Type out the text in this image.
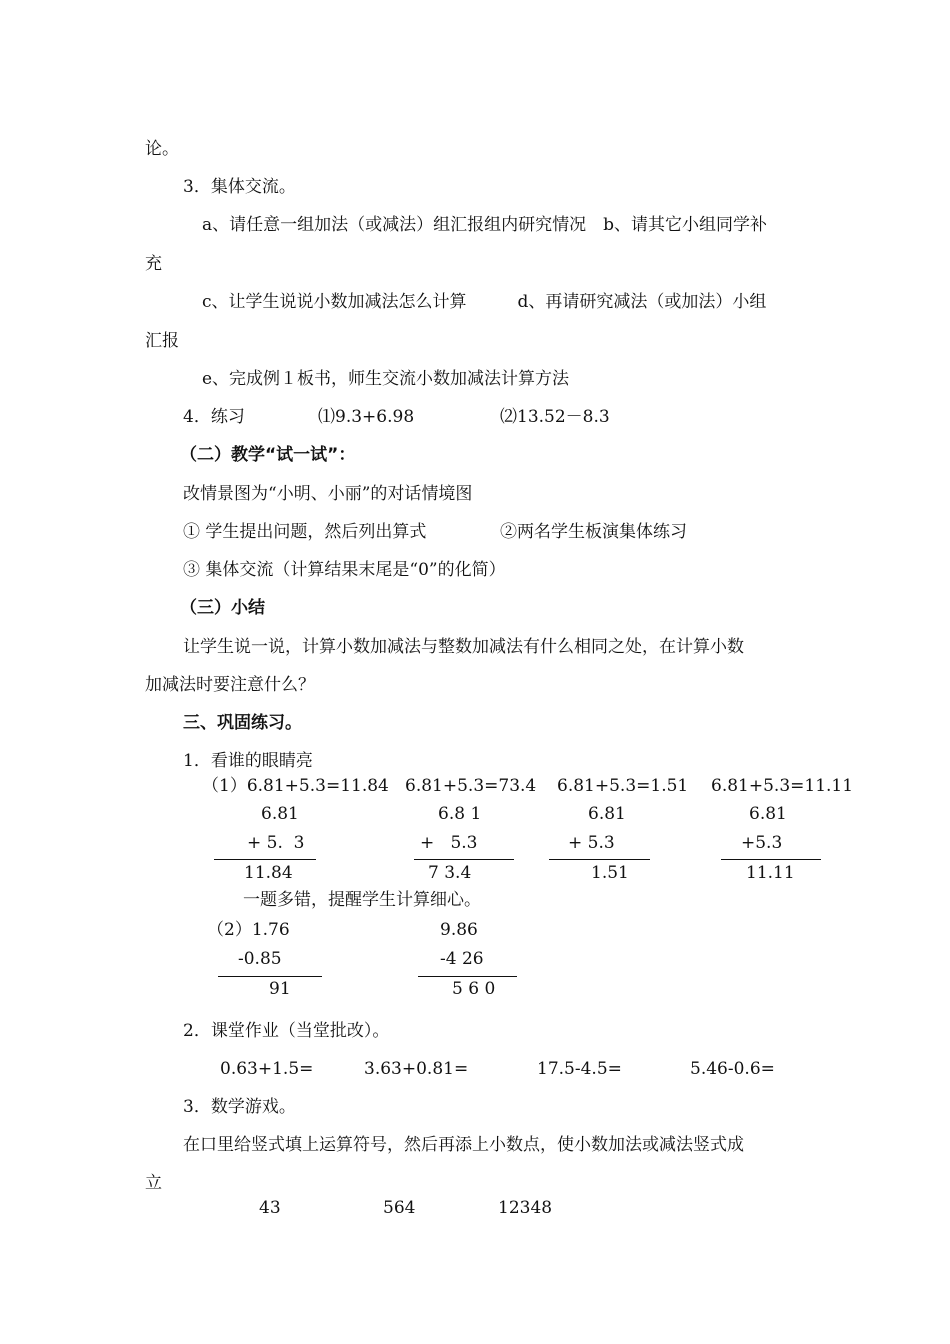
论。
3．集体交流。
a、请任意一组加法（或减法）组汇报组内研究情况　b、请其它小组同学补
充
c、让学生说说小数加减法怎么计算　　　d、再请研究减法（或加法）小组
汇报
e、完成例１板书，师生交流小数加减法计算方法
4．练习	⑴9.3+6.98	⑵13.52－8.3
（二）教学“试一试”：
改情景图为“小明、小丽”的对话情境图
① 学生提出问题，然后列出算式	②两名学生板演集体练习
③ 集体交流（计算结果末尾是“0”的化简）
（三）小结
让学生说一说，计算小数加减法与整数加减法有什么相同之处，在计算小数
加减法时要注意什么？
三、巩固练习。
1．看谁的眼睛亮
（1）6.81+5.3=11.84
6.81
+ 5.  3
11.84
6.81+5.3=73.4
6.8 1
+   5.3
7 3.4
6.81+5.3=1.51
6.81
+ 5.3
1.51
6.81+5.3=11.11
6.81
+5.3
11.11
一题多错，提醒学生计算细心。
（2）1.76
-0.85
91
9.86
-4 26
5 6 0
2．课堂作业（当堂批改）。
0.63+1.5=	3.63+0.81=	17.5-4.5=	5.46-0.6=
3．数学游戏。
在口里给竖式填上运算符号，然后再添上小数点，使小数加法或减法竖式成
立
43	564	12348
